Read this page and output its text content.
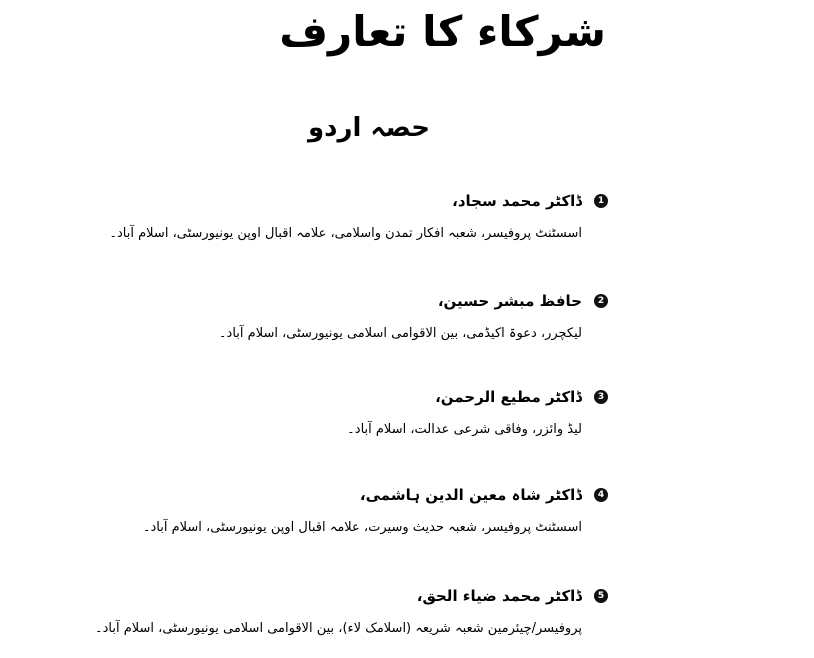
شرکاء کا تعارف
حصہ اردو
1
ڈاکٹر محمد سجاد،
اسسٹنٹ پروفیسر، شعبہ افکار تمدن واسلامی، علامہ اقبال اوپن یونیورسٹی، اسلام آباد۔
2
حافظ مبشر حسین،
لیکچرر، دعوۃ اکیڈمی، بین الاقوامی اسلامی یونیورسٹی، اسلام آباد۔
3
ڈاکٹر مطیع الرحمن،
لیڈ وائزر، وفاقی شرعی عدالت، اسلام آباد۔
4
ڈاکٹر شاہ معین الدین ہاشمی،
اسسٹنٹ پروفیسر، شعبہ حدیث وسیرت، علامہ اقبال اوپن یونیورسٹی، اسلام آباد۔
5
ڈاکٹر محمد ضیاء الحق،
پروفیسر/چیئرمین شعبہ شریعہ (اسلامک لاء)، بین الاقوامی اسلامی یونیورسٹی، اسلام آباد۔
